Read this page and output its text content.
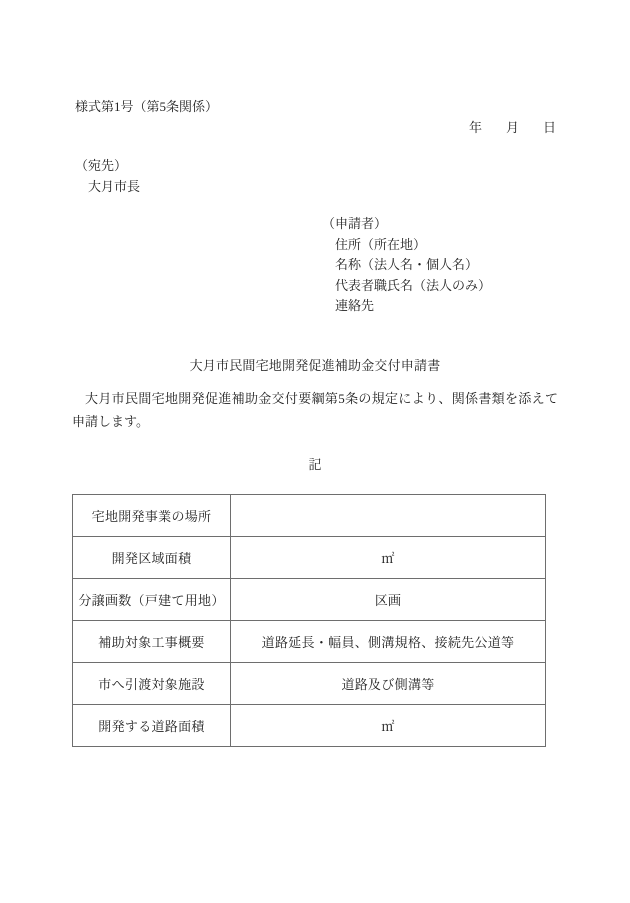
様式第1号（第5条関係）
年 月 日
（宛先）
大月市長
（申請者）
住所（所在地）
名称（法人名・個人名）
代表者職氏名（法人のみ）
連絡先
大月市民間宅地開発促進補助金交付申請書

大月市民間宅地開発促進補助金交付要綱第5条の規定により、関係書類を添えて申請します。

記
宅地開発事業の場所	
開発区域面積	㎡
分譲画数（戸建て用地）	区画
補助対象工事概要	道路延長・幅員、側溝規格、接続先公道等
市へ引渡対象施設	道路及び側溝等
開発する道路面積	㎡
